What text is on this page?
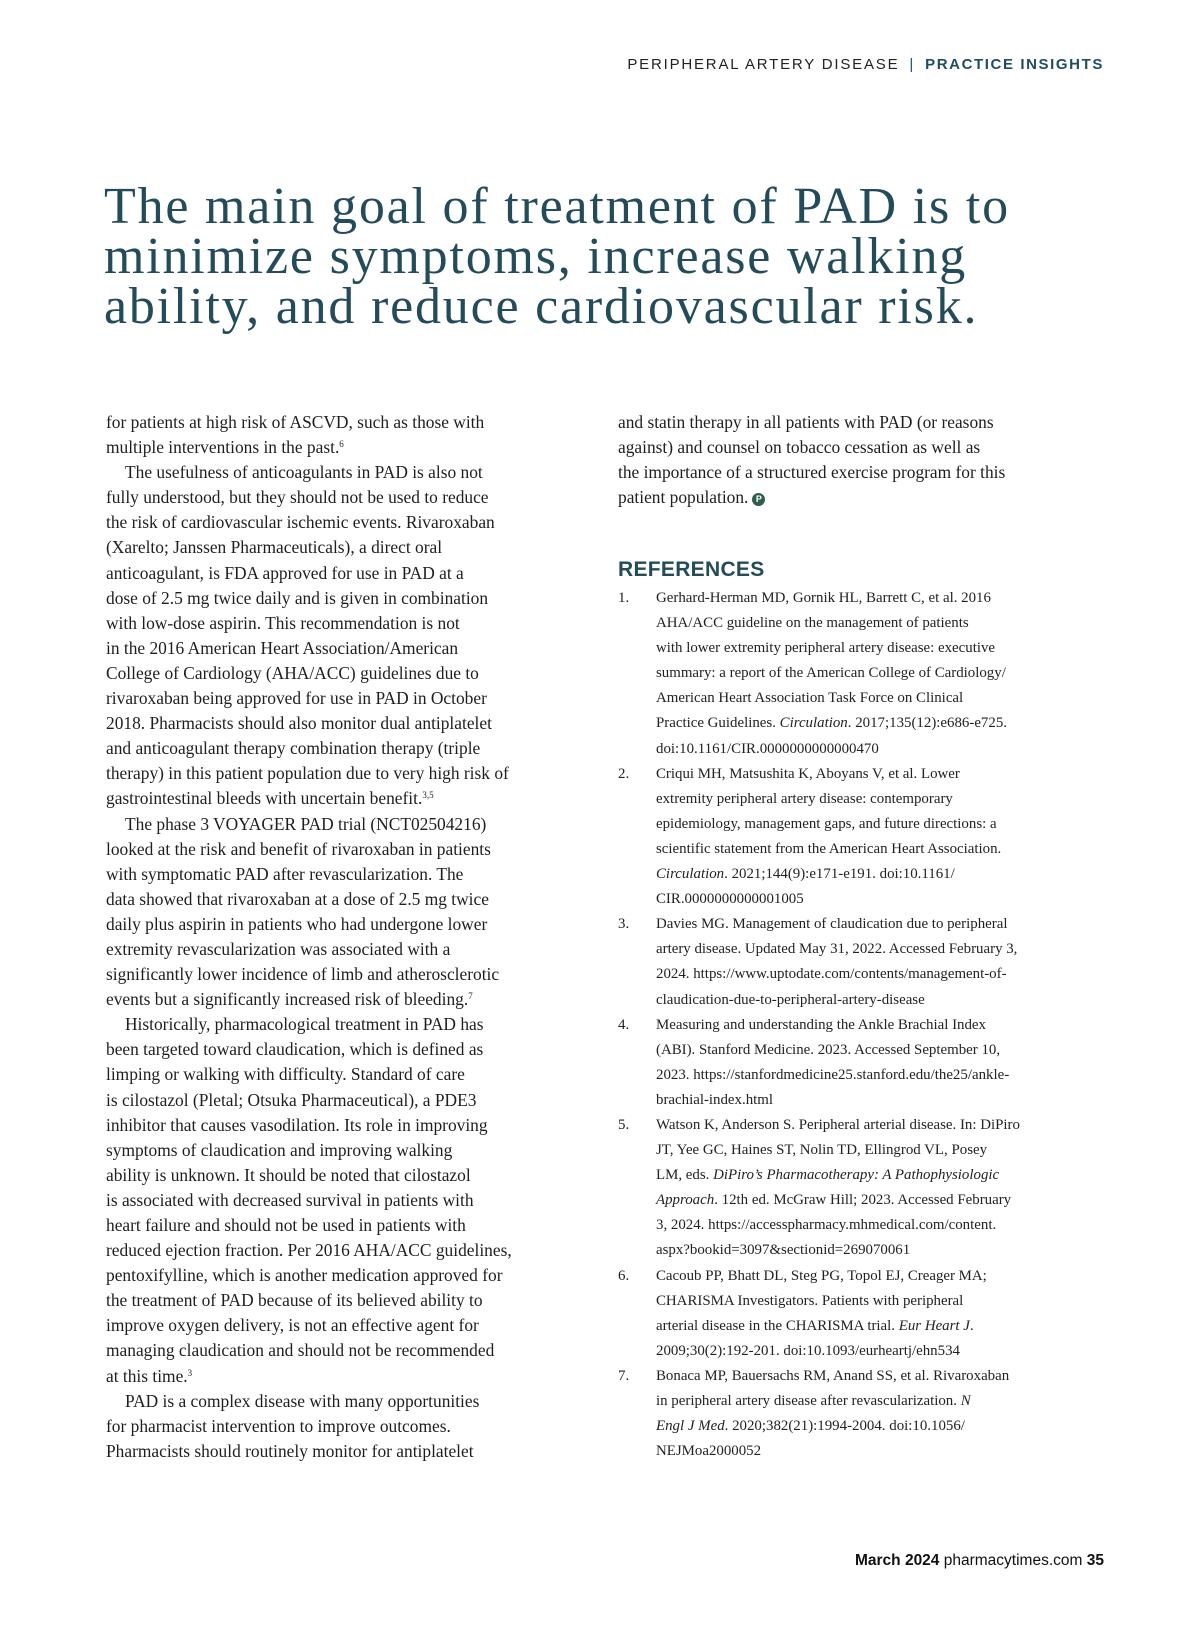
PERIPHERAL ARTERY DISEASE | PRACTICE INSIGHTS
The main goal of treatment of PAD is to
minimize symptoms, increase walking
ability, and reduce cardiovascular risk.
for patients at high risk of ASCVD, such as those with
multiple interventions in the past.$^6$
The usefulness of anticoagulants in PAD is also not
fully understood, but they should not be used to reduce
the risk of cardiovascular ischemic events. Rivaroxaban
(Xarelto; Janssen Pharmaceuticals), a direct oral
anticoagulant, is FDA approved for use in PAD at a
dose of 2.5 mg twice daily and is given in combination
with low-dose aspirin. This recommendation is not
in the 2016 American Heart Association/American
College of Cardiology (AHA/ACC) guidelines due to
rivaroxaban being approved for use in PAD in October
2018. Pharmacists should also monitor dual antiplatelet
and anticoagulant therapy combination therapy (triple
therapy) in this patient population due to very high risk of
gastrointestinal bleeds with uncertain benefit.$^{3,5}$
The phase 3 VOYAGER PAD trial (NCT02504216)
looked at the risk and benefit of rivaroxaban in patients
with symptomatic PAD after revascularization. The
data showed that rivaroxaban at a dose of 2.5 mg twice
daily plus aspirin in patients who had undergone lower
extremity revascularization was associated with a
significantly lower incidence of limb and atherosclerotic
events but a significantly increased risk of bleeding.$^7$
Historically, pharmacological treatment in PAD has
been targeted toward claudication, which is defined as
limping or walking with difficulty. Standard of care
is cilostazol (Pletal; Otsuka Pharmaceutical), a PDE3
inhibitor that causes vasodilation. Its role in improving
symptoms of claudication and improving walking
ability is unknown. It should be noted that cilostazol
is associated with decreased survival in patients with
heart failure and should not be used in patients with
reduced ejection fraction. Per 2016 AHA/ACC guidelines,
pentoxifylline, which is another medication approved for
the treatment of PAD because of its believed ability to
improve oxygen delivery, is not an effective agent for
managing claudication and should not be recommended
at this time.$^3$
PAD is a complex disease with many opportunities
for pharmacist intervention to improve outcomes.
Pharmacists should routinely monitor for antiplatelet
and statin therapy in all patients with PAD (or reasons
against) and counsel on tobacco cessation as well as
the importance of a structured exercise program for this
patient population. P
REFERENCES
1. Gerhard-Herman MD, Gornik HL, Barrett C, et al. 2016
AHA/ACC guideline on the management of patients
with lower extremity peripheral artery disease: executive
summary: a report of the American College of Cardiology/
American Heart Association Task Force on Clinical
Practice Guidelines. Circulation. 2017;135(12):e686-e725.
doi:10.1161/CIR.0000000000000470
2. Criqui MH, Matsushita K, Aboyans V, et al. Lower
extremity peripheral artery disease: contemporary
epidemiology, management gaps, and future directions: a
scientific statement from the American Heart Association.
Circulation. 2021;144(9):e171-e191. doi:10.1161/
CIR.0000000000001005
3. Davies MG. Management of claudication due to peripheral
artery disease. Updated May 31, 2022. Accessed February 3,
2024. https://www.uptodate.com/contents/management-of-
claudication-due-to-peripheral-artery-disease
4. Measuring and understanding the Ankle Brachial Index
(ABI). Stanford Medicine. 2023. Accessed September 10,
2023. https://stanfordmedicine25.stanford.edu/the25/ankle-
brachial-index.html
5. Watson K, Anderson S. Peripheral arterial disease. In: DiPiro
JT, Yee GC, Haines ST, Nolin TD, Ellingrod VL, Posey
LM, eds. DiPiro’s Pharmacotherapy: A Pathophysiologic
Approach. 12th ed. McGraw Hill; 2023. Accessed February
3, 2024. https://accesspharmacy.mhmedical.com/content.
aspx?bookid=3097&sectionid=269070061
6. Cacoub PP, Bhatt DL, Steg PG, Topol EJ, Creager MA;
CHARISMA Investigators. Patients with peripheral
arterial disease in the CHARISMA trial. Eur Heart J.
2009;30(2):192-201. doi:10.1093/eurheartj/ehn534
7. Bonaca MP, Bauersachs RM, Anand SS, et al. Rivaroxaban
in peripheral artery disease after revascularization. N
Engl J Med. 2020;382(21):1994-2004. doi:10.1056/
NEJMoa2000052
March 2024 pharmacytimes.com 35
